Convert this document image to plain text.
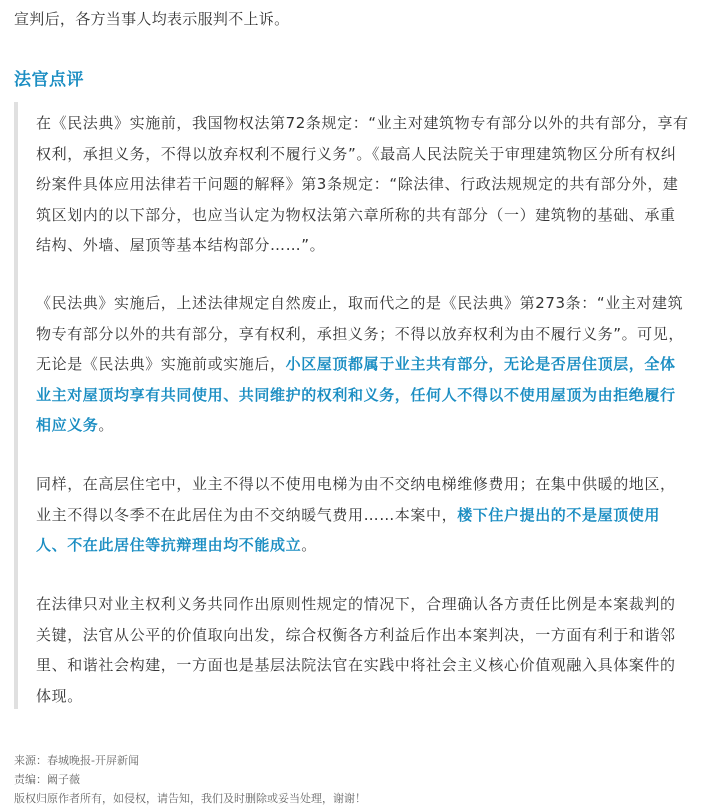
宣判后，各方当事人均表示服判不上诉。
法官点评

在《民法典》实施前，我国物权法第72条规定：“业主对建筑物专有部分以外的共有部分，享有权利，承担义务，不得以放弃权利不履行义务”。《最高人民法院关于审理建筑物区分所有权纠纷案件具体应用法律若干问题的解释》第3条规定：“除法律、行政法规规定的共有部分外，建筑区划内的以下部分，也应当认定为物权法第六章所称的共有部分（一）建筑物的基础、承重结构、外墙、屋顶等基本结构部分……”。

《民法典》实施后，上述法律规定自然废止，取而代之的是《民法典》第273条：“业主对建筑物专有部分以外的共有部分，享有权利，承担义务；不得以放弃权利为由不履行义务”。可见，无论是《民法典》实施前或实施后，小区屋顶都属于业主共有部分，无论是否居住顶层，全体业主对屋顶均享有共同使用、共同维护的权利和义务，任何人不得以不使用屋顶为由拒绝履行相应义务。

同样，在高层住宅中，业主不得以不使用电梯为由不交纳电梯维修费用；在集中供暖的地区，业主不得以冬季不在此居住为由不交纳暖气费用……本案中，楼下住户提出的不是屋顶使用人、不在此居住等抗辩理由均不能成立。

在法律只对业主权利义务共同作出原则性规定的情况下，合理确认各方责任比例是本案裁判的关键，法官从公平的价值取向出发，综合权衡各方利益后作出本案判决，一方面有利于和谐邻里、和谐社会构建，一方面也是基层法院法官在实践中将社会主义核心价值观融入具体案件的体现。

来源：春城晚报-开屏新闻
责编：阚子薇
版权归原作者所有，如侵权，请告知，我们及时删除或妥当处理，谢谢！
